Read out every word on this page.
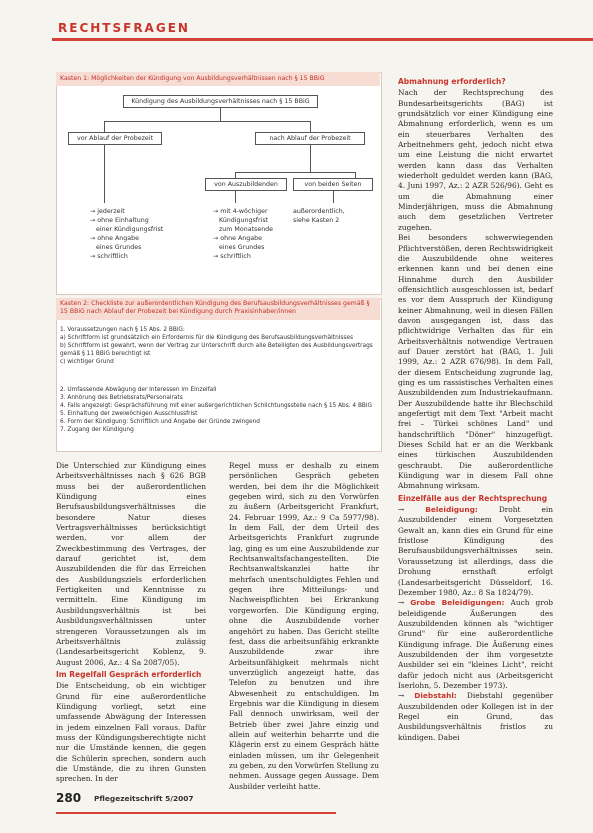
RECHTSFRAGEN
Kasten 1: Möglichkeiten der Kündigung von Ausbildungsverhältnissen nach § 15 BBiG
Kündigung des Ausbildungsverhältnisses nach § 15 BBiG
vor Ablauf der Probezeit	nach Ablauf der Probezeit
von Auszubildenden	von beiden Seiten
→ jederzeit
→ ohne Einhaltung
einer Kündigungsfrist
→ ohne Angabe
eines Grundes
→ schriftlich
→ mit 4-wöchiger
Kündigungsfrist
zum Monatsende
→ ohne Angabe
eines Grundes
→ schriftlich
außerordentlich,
siehe Kasten 2
Kasten 2: Checkliste zur außerordentlichen Kündigung des Berufsausbildungsverhältnisses gemäß § 15 BBiG nach Ablauf der Probezeit bei Kündigung durch Praxisinhaber/innen
1. Voraussetzungen nach § 15 Abs. 2 BBiG:
a) Schriftform ist grundsätzlich ein Erfordernis für die Kündigung des Berufsausbildungsverhältnisses
b) Schriftform ist gewahrt, wenn der Vertrag zur Unterschrift durch alle Beteiligten des Ausbildungsvertrags gemäß § 11 BBiG berechtigt ist
c) wichtiger Grund
2. Umfassende Abwägung der Interessen im Einzelfall
3. Anhörung des Betriebsrats/Personalrats
4. Falls angezeigt: Gesprächsführung mit einer außergerichtlichen Schlichtungsstelle nach § 15 Abs. 4 BBiG
5. Einhaltung der zweiwöchigen Ausschlussfrist
6. Form der Kündigung: Schriftlich und Angabe der Gründe zwingend
7. Zugang der Kündigung

Die Unterschied zur Kündigung eines Arbeitsverhältnisses nach § 626 BGB muss bei der außerordentlichen Kündigung eines Berufsausbildungsverhältnisses die besondere Natur dieses Vertragsverhältnisses berücksichtigt werden, vor allem der Zweckbestimmung des Vertrages, der darauf gerichtet ist, dem Auszubildenden die für das Erreichen des Ausbildungsziels erforderlichen Fertigkeiten und Kenntnisse zu vermitteln. Eine Kündigung im Ausbildungsverhältnis ist bei Ausbildungsverhältnissen unter strengeren Voraussetzungen als im Arbeitsverhältnis zulässig (Landesarbeitsgericht Koblenz, 9. August 2006, Az.: 4 Sa 2087/05).

Im Regelfall Gespräch erforderlich

Die Entscheidung, ob ein wichtiger Grund für eine außerordentliche Kündigung vorliegt, setzt eine umfassende Abwägung der Interessen in jedem einzelnen Fall voraus. Dafür muss der Kündigungsberechtigte nicht nur die Umstände kennen, die gegen die Schülerin sprechen, sondern auch die Umstände, die zu ihren Gunsten sprechen. In der

Regel muss er deshalb zu einem persönlichen Gespräch gebeten werden, bei dem ihr die Möglichkeit gegeben wird, sich zu den Vorwürfen zu äußern (Arbeitsgericht Frankfurt, 24. Februar 1999, Az.: 9 Ca 5977/98). In dem Fall, der dem Urteil des Arbeitsgerichts Frankfurt zugrunde lag, ging es um eine Auszubildende zur Rechtsanwaltsfachangestellten. Die Rechtsanwaltskanzlei hatte ihr mehrfach unentschuldigtes Fehlen und gegen ihre Mitteilungs- und Nachweispflichten bei Erkrankung vorgeworfen. Die Kündigung erging, ohne die Auszubildende vorher angehört zu haben. Das Gericht stellte fest, dass die arbeitsunfähig erkrankte Auszubildende zwar ihre Arbeitsunfähigkeit mehrmals nicht unverzüglich angezeigt hatte, das Telefon zu benutzen und ihre Abwesenheit zu entschuldigen. Im Ergebnis war die Kündigung in diesem Fall dennoch unwirksam, weil der Betrieb über zwei Jahre einzig und allein auf weiterhin beharrte und die Klägerin erst zu einem Gespräch hätte einladen müssen, um ihr Gelegenheit zu geben, zu den Vorwürfen Stellung zu nehmen. Aussage gegen Aussage. Dem Ausbilder verleiht hatte.

Abmahnung erforderlich?

Nach der Rechtsprechung des Bundesarbeitsgerichts (BAG) ist grundsätzlich vor einer Kündigung eine Abmahnung erforderlich, wenn es um ein steuerbares Verhalten des Arbeitnehmers geht, jedoch nicht etwa um eine Leistung die nicht erwartet werden kann dass das Verhalten wiederholt geduldet werden kann (BAG, 4. Juni 1997, Az.: 2 AZR 526/96). Geht es um die Abmahnung einer Minderjährigen, muss die Abmahnung auch dem gesetzlichen Vertreter zugehen.

Bei besonders schwerwiegenden Pflichtverstößen, deren Rechtswidrigkeit die Auszubildende ohne weiteres erkennen kann und bei denen eine Hinnahme durch den Ausbilder offensichtlich ausgeschlossen ist, bedarf es vor dem Ausspruch der Kündigung keiner Abmahnung, weil in diesen Fällen davon ausgegangen ist, dass das pflichtwidrige Verhalten das für ein Arbeitsverhältnis notwendige Vertrauen auf Dauer zerstört hat (BAG, 1. Juli 1999, Az.: 2 AZR 676/98). In dem Fall, der diesem Entscheidung zugrunde lag, ging es um rassistisches Verhalten eines Auszubildenden zum Industriekaufmann. Der Auszubildende hatte ihr Blechschild angefertigt mit dem Text "Arbeit macht frei – Türkei schönes Land" und handschriftlich "Döner" hinzugefügt. Dieses Schild hat er an die Werkbank eines türkischen Auszubildenden geschraubt. Die außerordentliche Kündigung war in diesem Fall ohne Abmahnung wirksam.

Einzelfälle aus der Rechtsprechung

→ Beleidigung: Droht ein Auszubildender einem Vorgesetzten Gewalt an, kann dies ein Grund für eine fristlose Kündigung des Berufsausbildungsverhältnisses sein. Voraussetzung ist allerdings, dass die Drohung ernsthaft erfolgt (Landesarbeitsgericht Düsseldorf, 16. Dezember 1980, Az.: 8 Sa 1824/79).

→ Grobe Beleidigungen: Auch grob beleidigende Äußerungen des Auszubildenden können als "wichtiger Grund" für eine außerordentliche Kündigung infrage. Die Äußerung eines Auszubildenden der ihm vorgesetzte Ausbilder sei ein "kleines Licht", reicht dafür jedoch nicht aus (Arbeitsgericht Iserlohn, 5. Dezember 1973).

→ Diebstahl: Diebstahl gegenüber Auszubildenden oder Kollegen ist in der Regel ein Grund, das Ausbildungsverhältnis fristlos zu kündigen. Dabei

280 Pflegezeitschrift 5/2007
